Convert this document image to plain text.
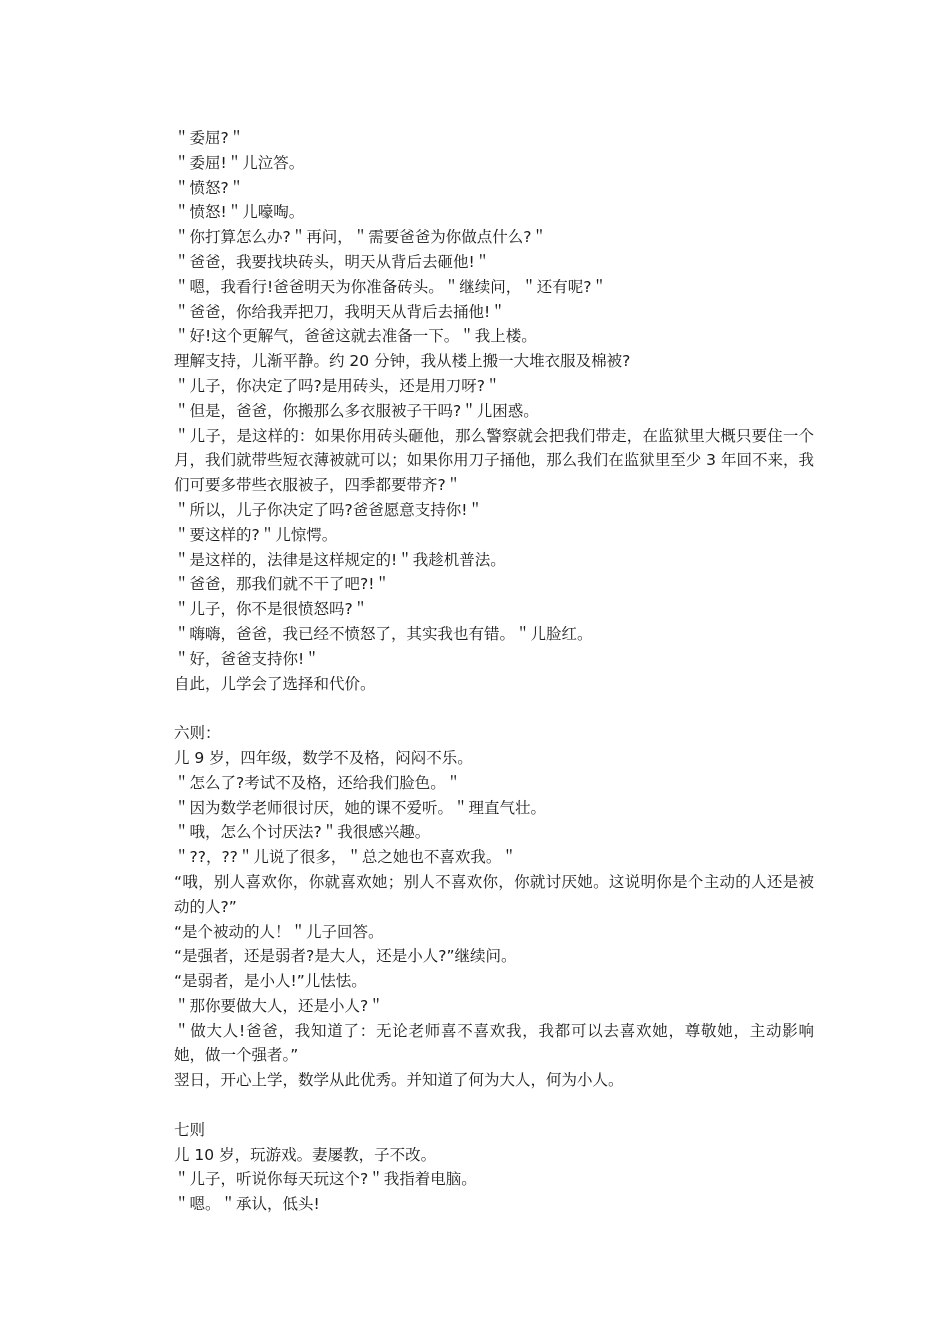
＂委屈?＂
＂委屈!＂儿泣答。
＂愤怒?＂
＂愤怒!＂儿嚎啕。
＂你打算怎么办?＂再问，＂需要爸爸为你做点什么?＂
＂爸爸，我要找块砖头，明天从背后去砸他!＂
＂嗯，我看行!爸爸明天为你准备砖头。＂继续问，＂还有呢?＂
＂爸爸，你给我弄把刀，我明天从背后去捅他!＂
＂好!这个更解气，爸爸这就去准备一下。＂我上楼。
理解支持，儿渐平静。约 20 分钟，我从楼上搬一大堆衣服及棉被?
＂儿子，你决定了吗?是用砖头，还是用刀呀?＂
＂但是，爸爸，你搬那么多衣服被子干吗?＂儿困惑。
＂儿子，是这样的：如果你用砖头砸他，那么警察就会把我们带走，在监狱里大概只要住一个月，我们就带些短衣薄被就可以；如果你用刀子捅他，那么我们在监狱里至少 3 年回不来，我们可要多带些衣服被子，四季都要带齐?＂
＂所以，儿子你决定了吗?爸爸愿意支持你!＂
＂要这样的?＂儿惊愕。
＂是这样的，法律是这样规定的!＂我趁机普法。
＂爸爸，那我们就不干了吧?!＂
＂儿子，你不是很愤怒吗?＂
＂嗨嗨，爸爸，我已经不愤怒了，其实我也有错。＂儿脸红。
＂好，爸爸支持你!＂
自此，儿学会了选择和代价。
六则：
儿 9 岁，四年级，数学不及格，闷闷不乐。
＂怎么了?考试不及格，还给我们脸色。＂
＂因为数学老师很讨厌，她的课不爱听。＂理直气壮。
＂哦，怎么个讨厌法?＂我很感兴趣。
＂??，??＂儿说了很多，＂总之她也不喜欢我。＂
“哦，别人喜欢你，你就喜欢她；别人不喜欢你，你就讨厌她。这说明你是个主动的人还是被动的人?”
“是个被动的人！＂儿子回答。
“是强者，还是弱者?是大人，还是小人?”继续问。
“是弱者，是小人!”儿怯怯。
＂那你要做大人，还是小人?＂
＂做大人!爸爸，我知道了：无论老师喜不喜欢我，我都可以去喜欢她，尊敬她，主动影响她，做一个强者。”
翌日，开心上学，数学从此优秀。并知道了何为大人，何为小人。
七则
儿 10 岁，玩游戏。妻屡教，子不改。
＂儿子，听说你每天玩这个?＂我指着电脑。
＂嗯。＂承认，低头!
